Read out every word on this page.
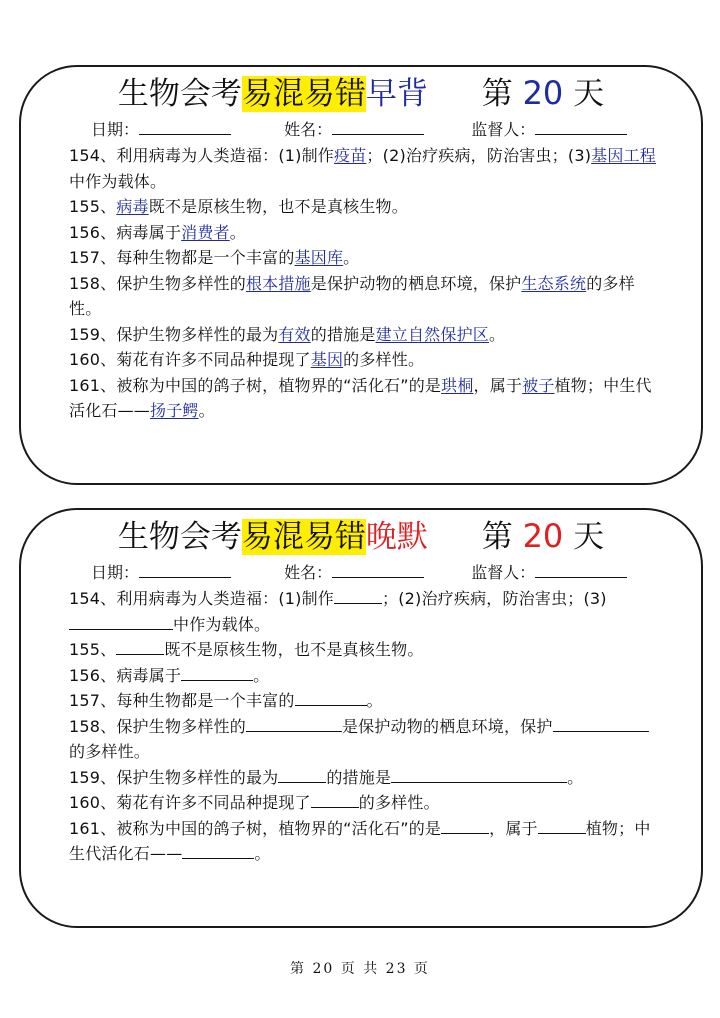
生物会考易混易错早背 第 20 天
日期：	姓名：	监督人：

154、利用病毒为人类造福：(1)制作疫苗；(2)治疗疾病，防治害虫；(3)基因工程中作为载体。

155、病毒既不是原核生物，也不是真核生物。

156、病毒属于消费者。

157、每种生物都是一个丰富的基因库。

158、保护生物多样性的根本措施是保护动物的栖息环境，保护生态系统的多样性。

159、保护生物多样性的最为有效的措施是建立自然保护区。

160、菊花有许多不同品种提现了基因的多样性。

161、被称为中国的鸽子树，植物界的“活化石”的是珙桐，属于被子植物；中生代活化石——扬子鳄。

生物会考易混易错晚默 第 20 天
日期：	姓名：	监督人：

154、利用病毒为人类造福：(1)制作	；(2)治疗疾病，防治害虫；(3)中作为载体。

155、	既不是原核生物，也不是真核生物。

156、病毒属于	。

157、每种生物都是一个丰富的	。

158、保护生物多样性的	是保护动物的栖息环境，保护的多样性。

159、保护生物多样性的最为	的措施是	。

160、菊花有许多不同品种提现了	的多样性。

161、被称为中国的鸽子树，植物界的“活化石”的是	，属于	植物；中生代活化石——	。

第 20 页 共 23 页
